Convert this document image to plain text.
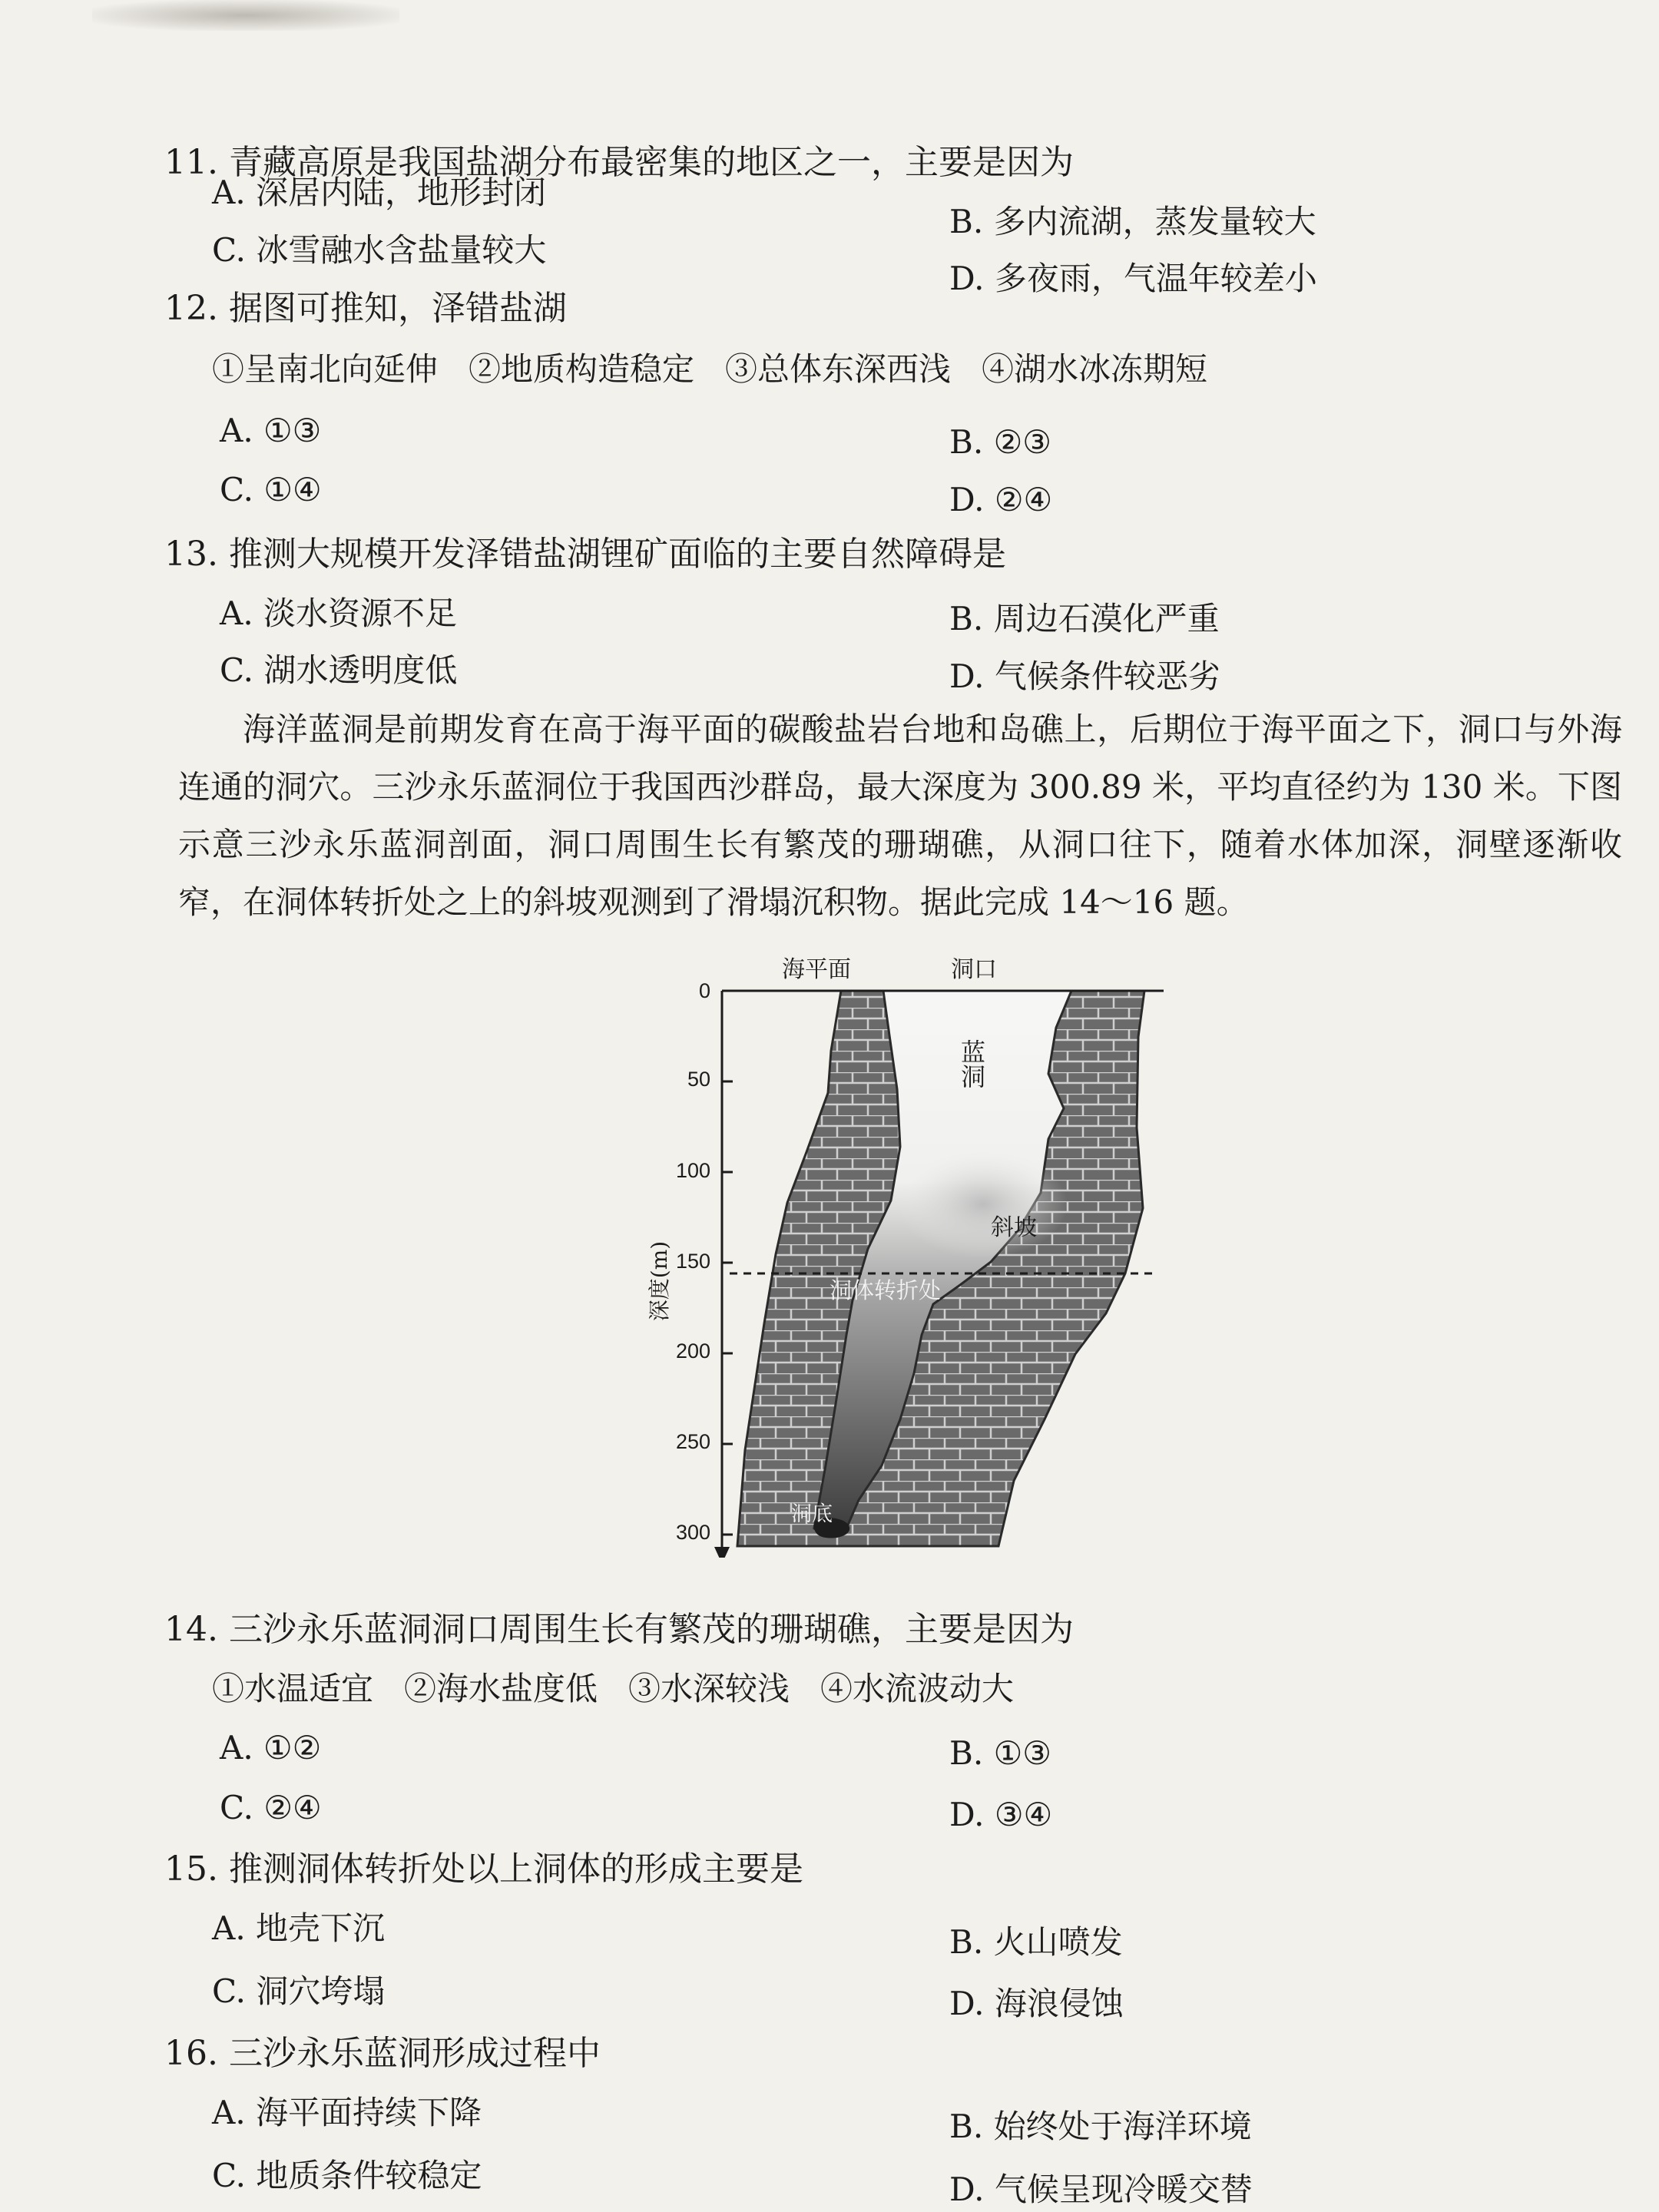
11. 青藏高原是我国盐湖分布最密集的地区之一，主要是因为
A. 深居内陆，地形封闭
B. 多内流湖，蒸发量较大
C. 冰雪融水含盐量较大
D. 多夜雨，气温年较差小
12. 据图可推知，泽错盐湖
①呈南北向延伸 ②地质构造稳定 ③总体东深西浅 ④湖水冰冻期短
A. ①③	B. ②③
C. ①④	D. ②④
13. 推测大规模开发泽错盐湖锂矿面临的主要自然障碍是
A. 淡水资源不足	B. 周边石漠化严重
C. 湖水透明度低	D. 气候条件较恶劣

海洋蓝洞是前期发育在高于海平面的碳酸盐岩台地和岛礁上，后期位于海平面之下，洞口与外海连通的洞穴。三沙永乐蓝洞位于我国西沙群岛，最大深度为 300.89 米，平均直径约为 130 米。下图示意三沙永乐蓝洞剖面，洞口周围生长有繁茂的珊瑚礁，从洞口往下，随着水体加深，洞壁逐渐收窄，在洞体转折处之上的斜坡观测到了滑塌沉积物。据此完成 14～16 题。

0
50
100
150
200
250
300
深度(m)
海平面	洞口
蓝洞
斜坡
洞体转折处
洞底
14. 三沙永乐蓝洞洞口周围生长有繁茂的珊瑚礁，主要是因为
①水温适宜 ②海水盐度低 ③水深较浅 ④水流波动大
A. ①②	B. ①③
C. ②④	D. ③④
15. 推测洞体转折处以上洞体的形成主要是
A. 地壳下沉	B. 火山喷发
C. 洞穴垮塌	D. 海浪侵蚀
16. 三沙永乐蓝洞形成过程中
A. 海平面持续下降	B. 始终处于海洋环境
C. 地质条件较稳定	D. 气候呈现冷暖交替
